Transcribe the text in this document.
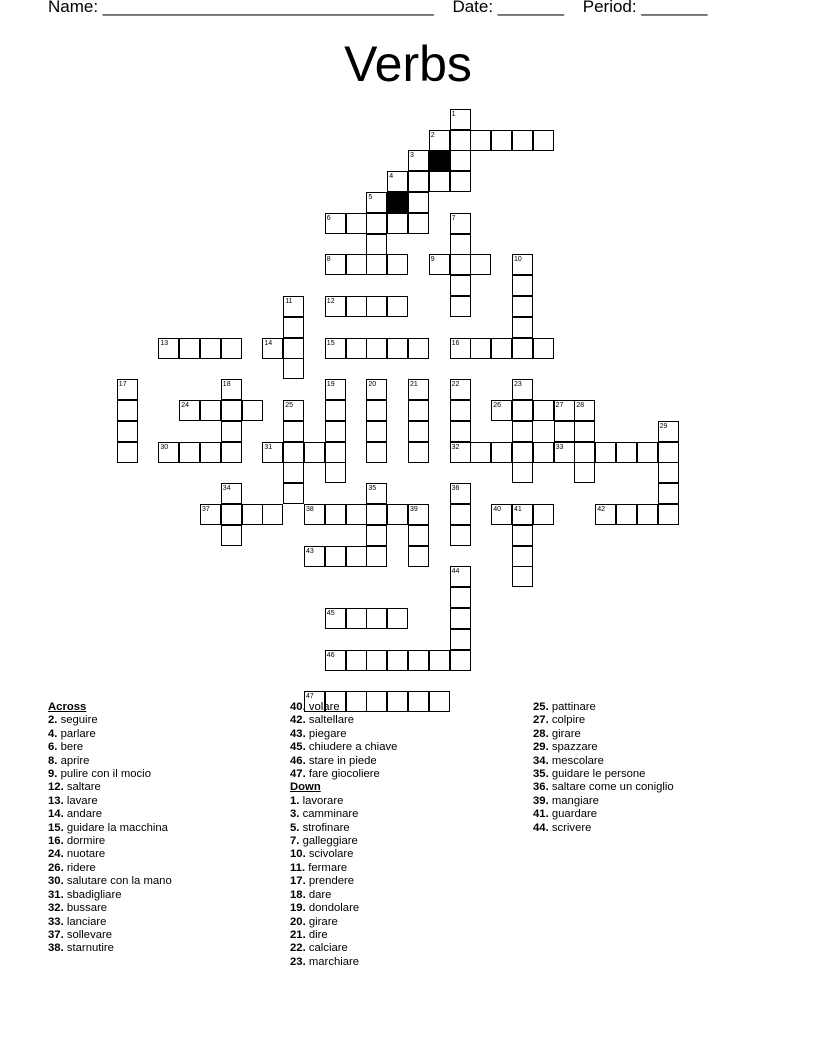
Name: ___________________________________ Date: _______ Period: _______
Verbs
1
2
3
4
5
6	7
8	9	10
11	12
13	14	15	16
17	18	19	20	21	22	23
24	25	26	27 28
29
30	31	32	33
34	35	36
37	38	39	40 41	42
43
44
45
46
47
Across
2. seguire
4. parlare
6. bere
8. aprire
9. pulire con il mocio
12. saltare
13. lavare
14. andare
15. guidare la macchina
16. dormire
24. nuotare
26. ridere
30. salutare con la mano
31. sbadigliare
32. bussare
33. lanciare
37. sollevare
38. starnutire
40. volare
42. saltellare
43. piegare
45. chiudere a chiave
46. stare in piede
47. fare giocoliere
Down
1. lavorare
3. camminare
5. strofinare
7. galleggiare
10. scivolare
11. fermare
17. prendere
18. dare
19. dondolare
20. girare
21. dire
22. calciare
23. marchiare
25. pattinare
27. colpire
28. girare
29. spazzare
34. mescolare
35. guidare le persone
36. saltare come un coniglio
39. mangiare
41. guardare
44. scrivere
